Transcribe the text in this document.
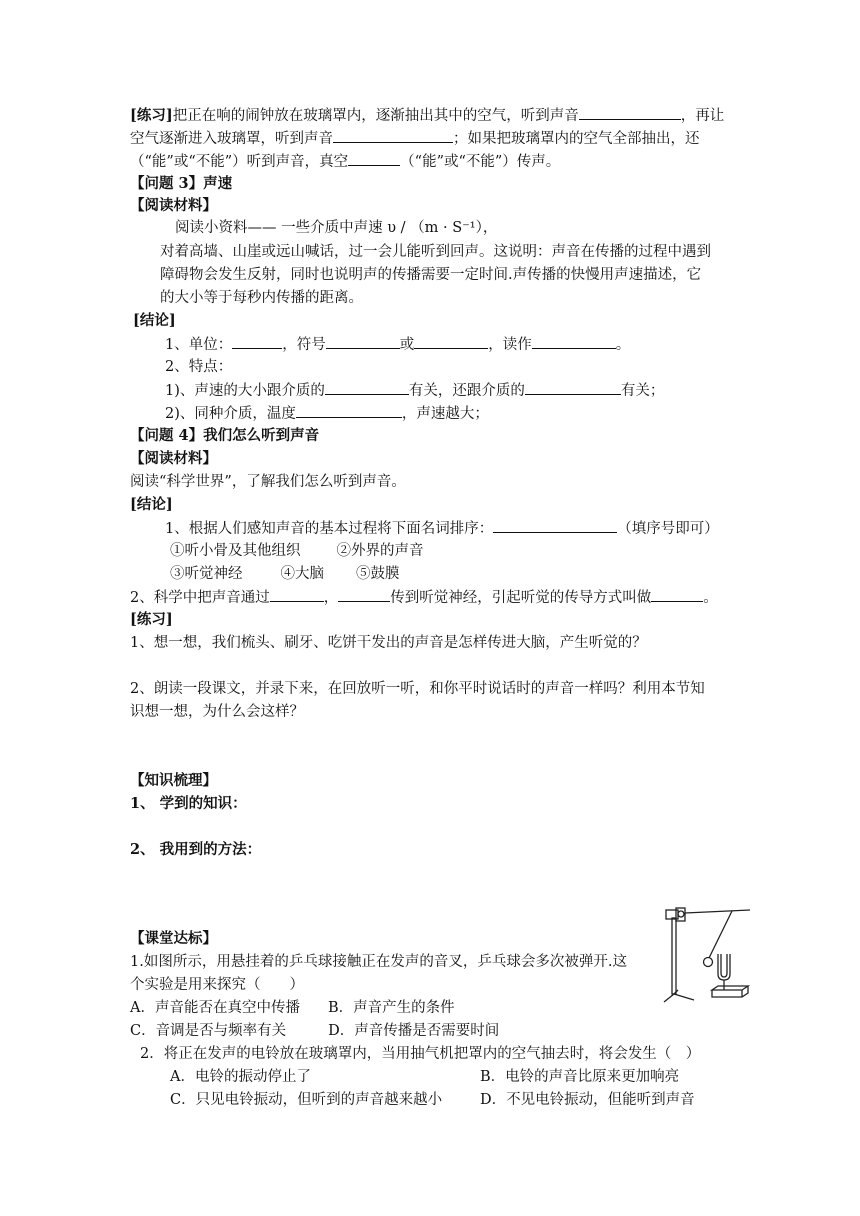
[练习]把正在响的闹钟放在玻璃罩内，逐渐抽出其中的空气，听到声音	，再让
空气逐渐进入玻璃罩，听到声音	；如果把玻璃罩内的空气全部抽出，还
（“能”或“不能”）听到声音，真空	（“能”或“不能”）传声。
【问题 3】声速
【阅读材料】
阅读小资料—— 一些介质中声速 υ / （m · S⁻¹），
对着高墙、山崖或远山喊话，过一会儿能听到回声。这说明：声音在传播的过程中遇到
障碍物会发生反射，同时也说明声的传播需要一定时间.声传播的快慢用声速描述，它
的大小等于每秒内传播的距离。
[结论]
1、单位：	，符号	或	，读作	。
2、特点：
1)、声速的大小跟介质的	有关，还跟介质的	有关；
2)、同种介质，温度	，声速越大；
【问题 4】我们怎么听到声音
【阅读材料】
阅读“科学世界”，了解我们怎么听到声音。
[结论]
1、根据人们感知声音的基本过程将下面名词排序：	（填序号即可）
①听小骨及其他组织 ②外界的声音
③听觉神经	④大脑 ⑤鼓膜
2、科学中把声音通过	，	传到听觉神经，引起听觉的传导方式叫做	。
[练习]
1、想一想，我们梳头、刷牙、吃饼干发出的声音是怎样传进大脑，产生听觉的？
2、朗读一段课文，并录下来，在回放听一听，和你平时说话时的声音一样吗？利用本节知
识想一想，为什么会这样？
【知识梳理】
1、 学到的知识：
2、 我用到的方法：
【课堂达标】
1.如图所示，用悬挂着的乒乓球接触正在发声的音叉，乒乓球会多次被弹开.这
个实验是用来探究（　　）
A．声音能否在真空中传播 B．声音产生的条件
C．音调是否与频率有关	D．声音传播是否需要时间
2．将正在发声的电铃放在玻璃罩内，当用抽气机把罩内的空气抽去时，将会发生（　）
A．电铃的振动停止了	B．电铃的声音比原来更加响亮
C．只见电铃振动，但听到的声音越来越小	D．不见电铃振动，但能听到声音
